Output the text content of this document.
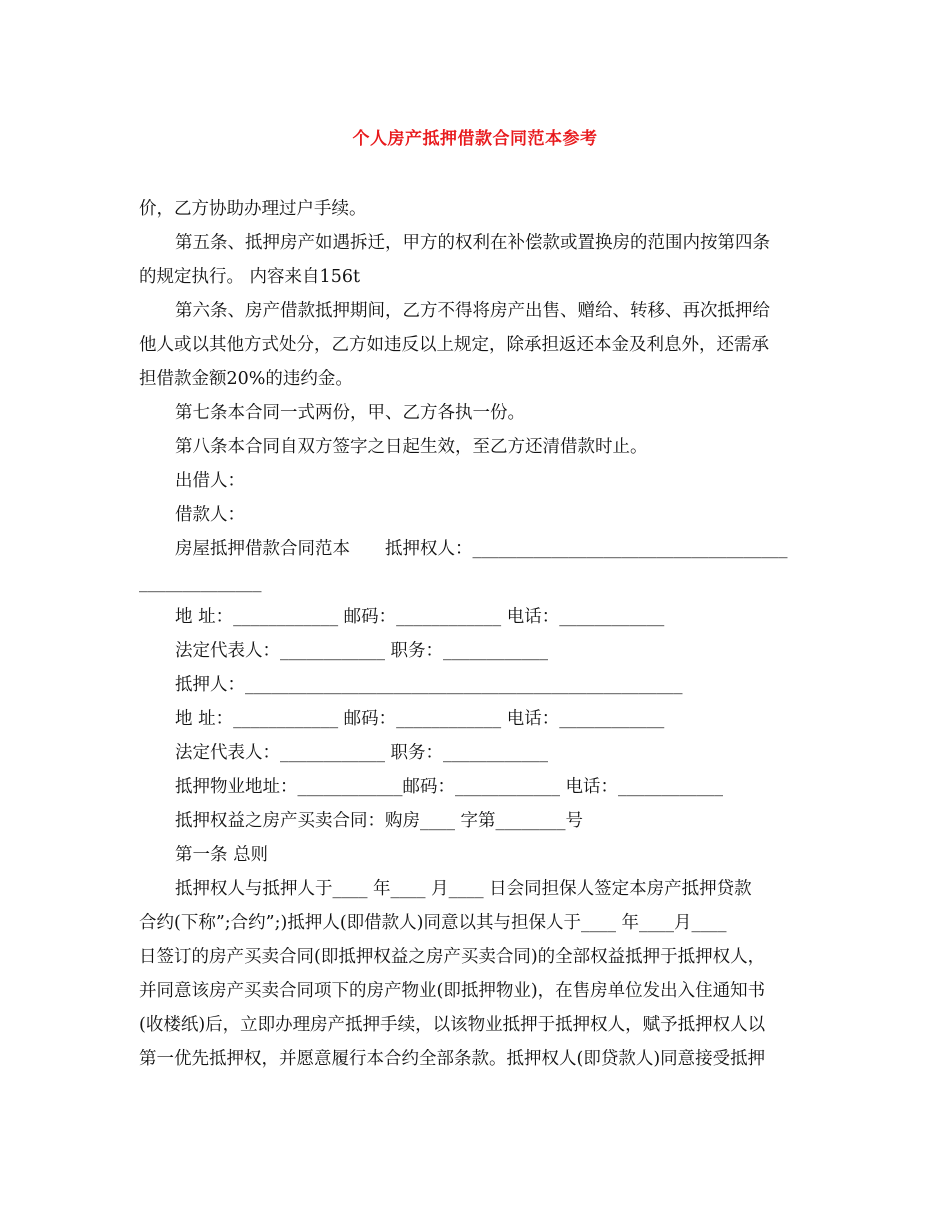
个人房产抵押借款合同范本参考

价，乙方协助办理过户手续。

第五条、抵押房产如遇拆迁，甲方的权利在补偿款或置换房的范围内按第四条

的规定执行。 内容来自156t

第六条、房产借款抵押期间，乙方不得将房产出售、赠给、转移、再次抵押给

他人或以其他方式处分，乙方如违反以上规定，除承担返还本金及利息外，还需承

担借款金额20%的违约金。

第七条本合同一式两份，甲、乙方各执一份。

第八条本合同自双方签字之日起生效，至乙方还清借款时止。

出借人：

借款人：

房屋抵押借款合同范本　　抵押权人：____________________________________

______________

地 址：____________ 邮码：____________ 电话：____________

法定代表人：____________ 职务：____________

抵押人：__________________________________________________

地 址：____________ 邮码：____________ 电话：____________

法定代表人：____________ 职务：____________

抵押物业地址：____________邮码：____________ 电话：____________

抵押权益之房产买卖合同：购房____ 字第________号

第一条 总则

抵押权人与抵押人于____ 年____ 月____ 日会同担保人签定本房产抵押贷款

合约(下称”;合约”;)抵押人(即借款人)同意以其与担保人于____ 年____月____

日签订的房产买卖合同(即抵押权益之房产买卖合同)的全部权益抵押于抵押权人，

并同意该房产买卖合同项下的房产物业(即抵押物业)，在售房单位发出入住通知书

(收楼纸)后，立即办理房产抵押手续，以该物业抵押于抵押权人，赋予抵押权人以

第一优先抵押权，并愿意履行本合约全部条款。抵押权人(即贷款人)同意接受抵押
